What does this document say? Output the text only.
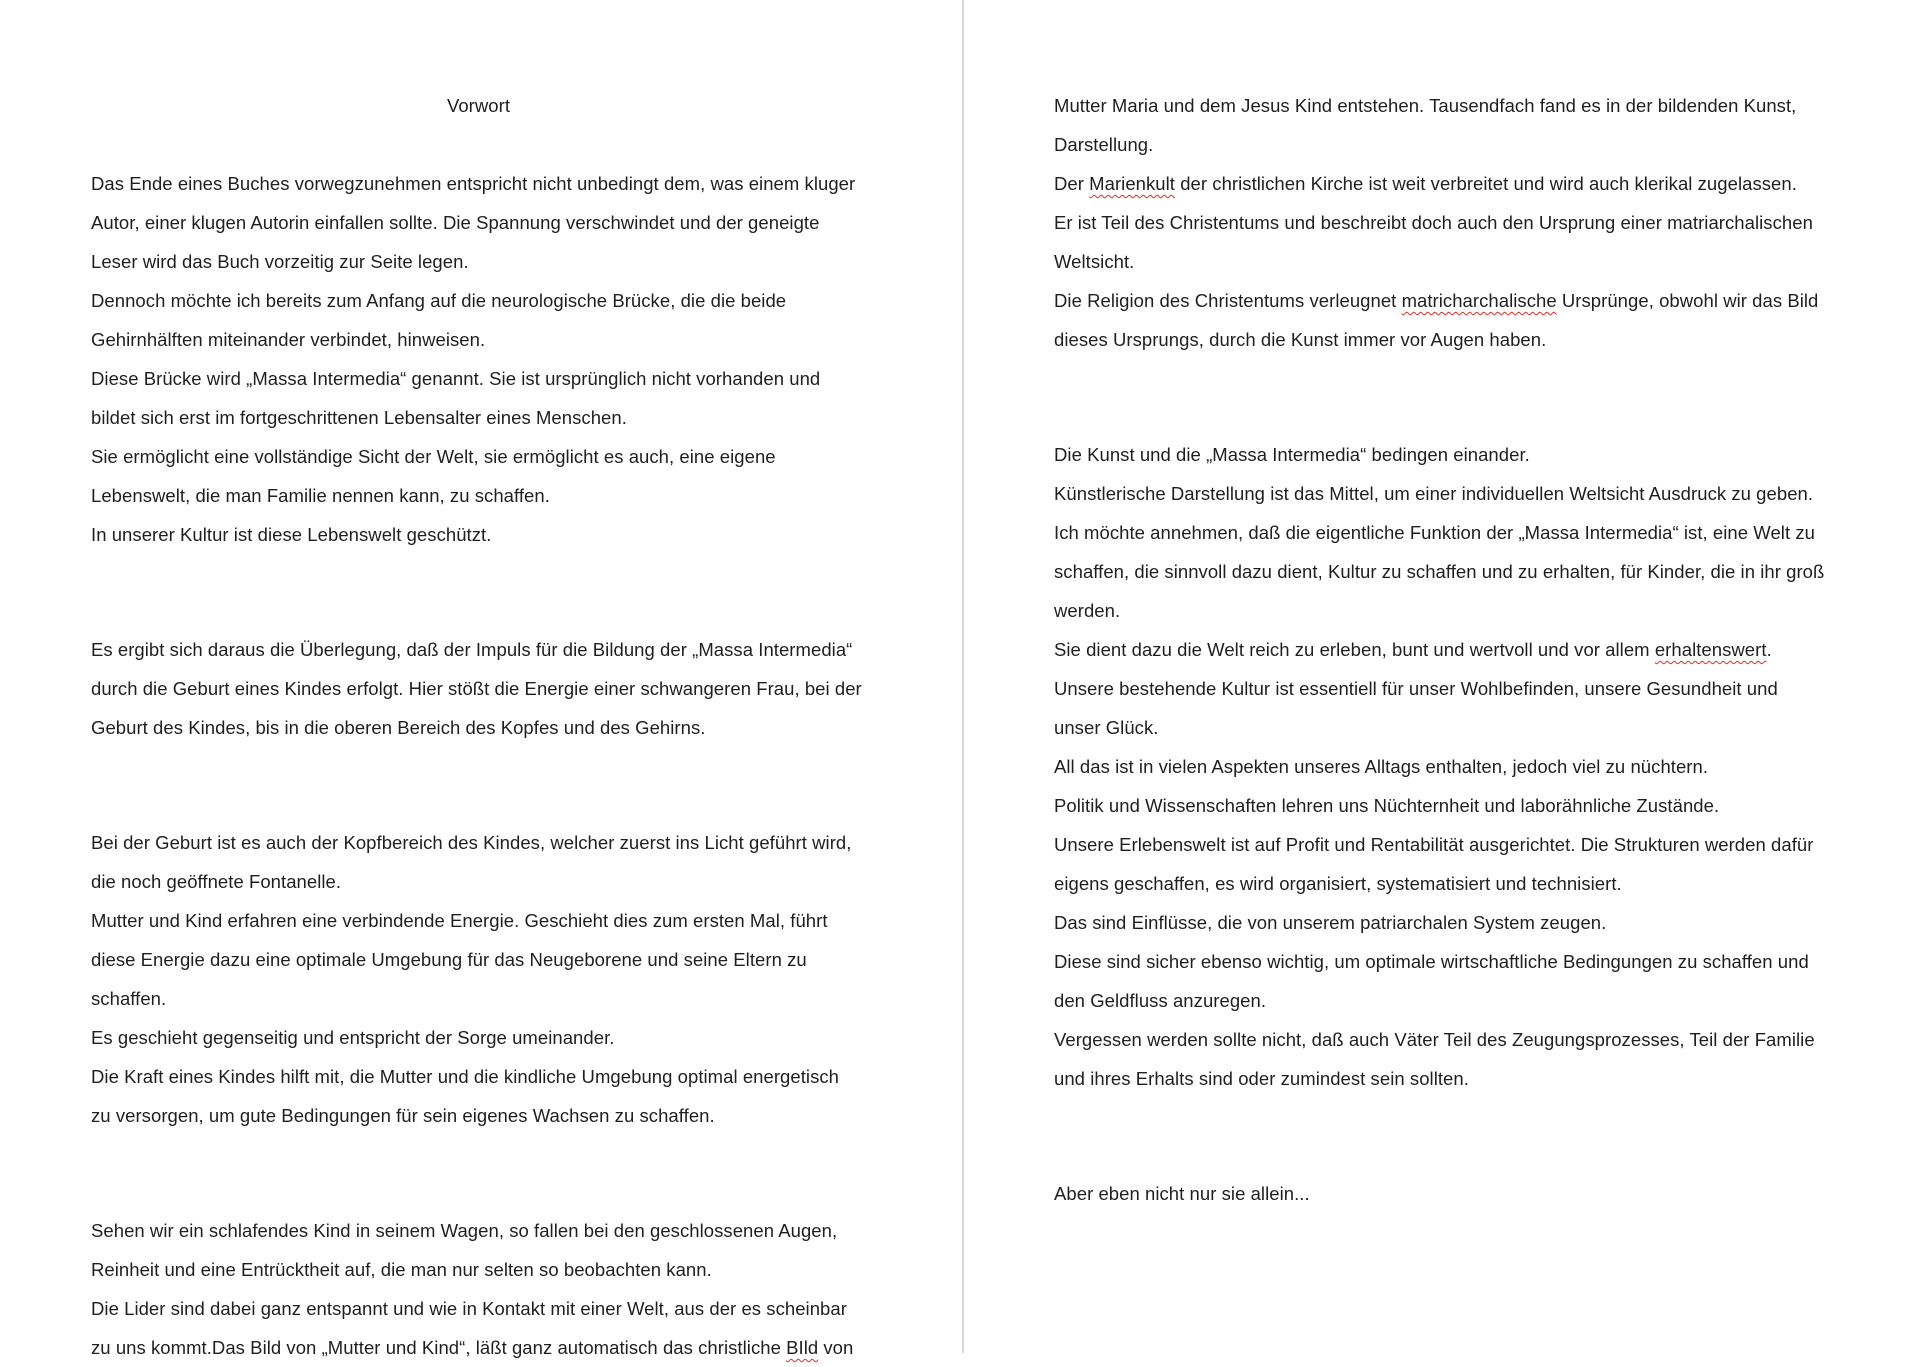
Vorwort

Das Ende eines Buches vorwegzunehmen entspricht nicht unbedingt dem, was einem kluger

Autor, einer klugen Autorin einfallen sollte. Die Spannung verschwindet und der geneigte

Leser wird das Buch vorzeitig zur Seite legen.

Dennoch möchte ich bereits zum Anfang auf die neurologische Brücke, die die beide

Gehirnhälften miteinander verbindet, hinweisen.

Diese Brücke wird „Massa Intermedia“ genannt. Sie ist ursprünglich nicht vorhanden und

bildet sich erst im fortgeschrittenen Lebensalter eines Menschen.

Sie ermöglicht eine vollständige Sicht der Welt, sie ermöglicht es auch, eine eigene

Lebenswelt, die man Familie nennen kann, zu schaffen.

In unserer Kultur ist diese Lebenswelt geschützt.

Es ergibt sich daraus die Überlegung, daß der Impuls für die Bildung der „Massa Intermedia“

durch die Geburt eines Kindes erfolgt. Hier stößt die Energie einer schwangeren Frau, bei der

Geburt des Kindes, bis in die oberen Bereich des Kopfes und des Gehirns.

Bei der Geburt ist es auch der Kopfbereich des Kindes, welcher zuerst ins Licht geführt wird,

die noch geöffnete Fontanelle.

Mutter und Kind erfahren eine verbindende Energie. Geschieht dies zum ersten Mal, führt

diese Energie dazu eine optimale Umgebung für das Neugeborene und seine Eltern zu

schaffen.

Es geschieht gegenseitig und entspricht der Sorge umeinander.

Die Kraft eines Kindes hilft mit, die Mutter und die kindliche Umgebung optimal energetisch

zu versorgen, um gute Bedingungen für sein eigenes Wachsen zu schaffen.

Sehen wir ein schlafendes Kind in seinem Wagen, so fallen bei den geschlossenen Augen,

Reinheit und eine Entrücktheit auf, die man nur selten so beobachten kann.

Die Lider sind dabei ganz entspannt und wie in Kontakt mit einer Welt, aus der es scheinbar

zu uns kommt.Das Bild von „Mutter und Kind“, läßt ganz automatisch das christliche BIld von

Mutter Maria und dem Jesus Kind entstehen. Tausendfach fand es in der bildenden Kunst,

Darstellung.

Der Marienkult der christlichen Kirche ist weit verbreitet und wird auch klerikal zugelassen.

Er ist Teil des Christentums und beschreibt doch auch den Ursprung einer matriarchalischen

Weltsicht.

Die Religion des Christentums verleugnet matricharchalische Ursprünge, obwohl wir das Bild

dieses Ursprungs, durch die Kunst immer vor Augen haben.

Die Kunst und die „Massa Intermedia“ bedingen einander.

Künstlerische Darstellung ist das Mittel, um einer individuellen Weltsicht Ausdruck zu geben.

Ich möchte annehmen, daß die eigentliche Funktion der „Massa Intermedia“ ist, eine Welt zu

schaffen, die sinnvoll dazu dient, Kultur zu schaffen und zu erhalten, für Kinder, die in ihr groß

werden.

Sie dient dazu die Welt reich zu erleben, bunt und wertvoll und vor allem erhaltenswert.

Unsere bestehende Kultur ist essentiell für unser Wohlbefinden, unsere Gesundheit und

unser Glück.

All das ist in vielen Aspekten unseres Alltags enthalten, jedoch viel zu nüchtern.

Politik und Wissenschaften lehren uns Nüchternheit und laborähnliche Zustände.

Unsere Erlebenswelt ist auf Profit und Rentabilität ausgerichtet. Die Strukturen werden dafür

eigens geschaffen, es wird organisiert, systematisiert und technisiert.

Das sind Einflüsse, die von unserem patriarchalen System zeugen.

Diese sind sicher ebenso wichtig, um optimale wirtschaftliche Bedingungen zu schaffen und

den Geldfluss anzuregen.

Vergessen werden sollte nicht, daß auch Väter Teil des Zeugungsprozesses, Teil der Familie

und ihres Erhalts sind oder zumindest sein sollten.

Aber eben nicht nur sie allein...
